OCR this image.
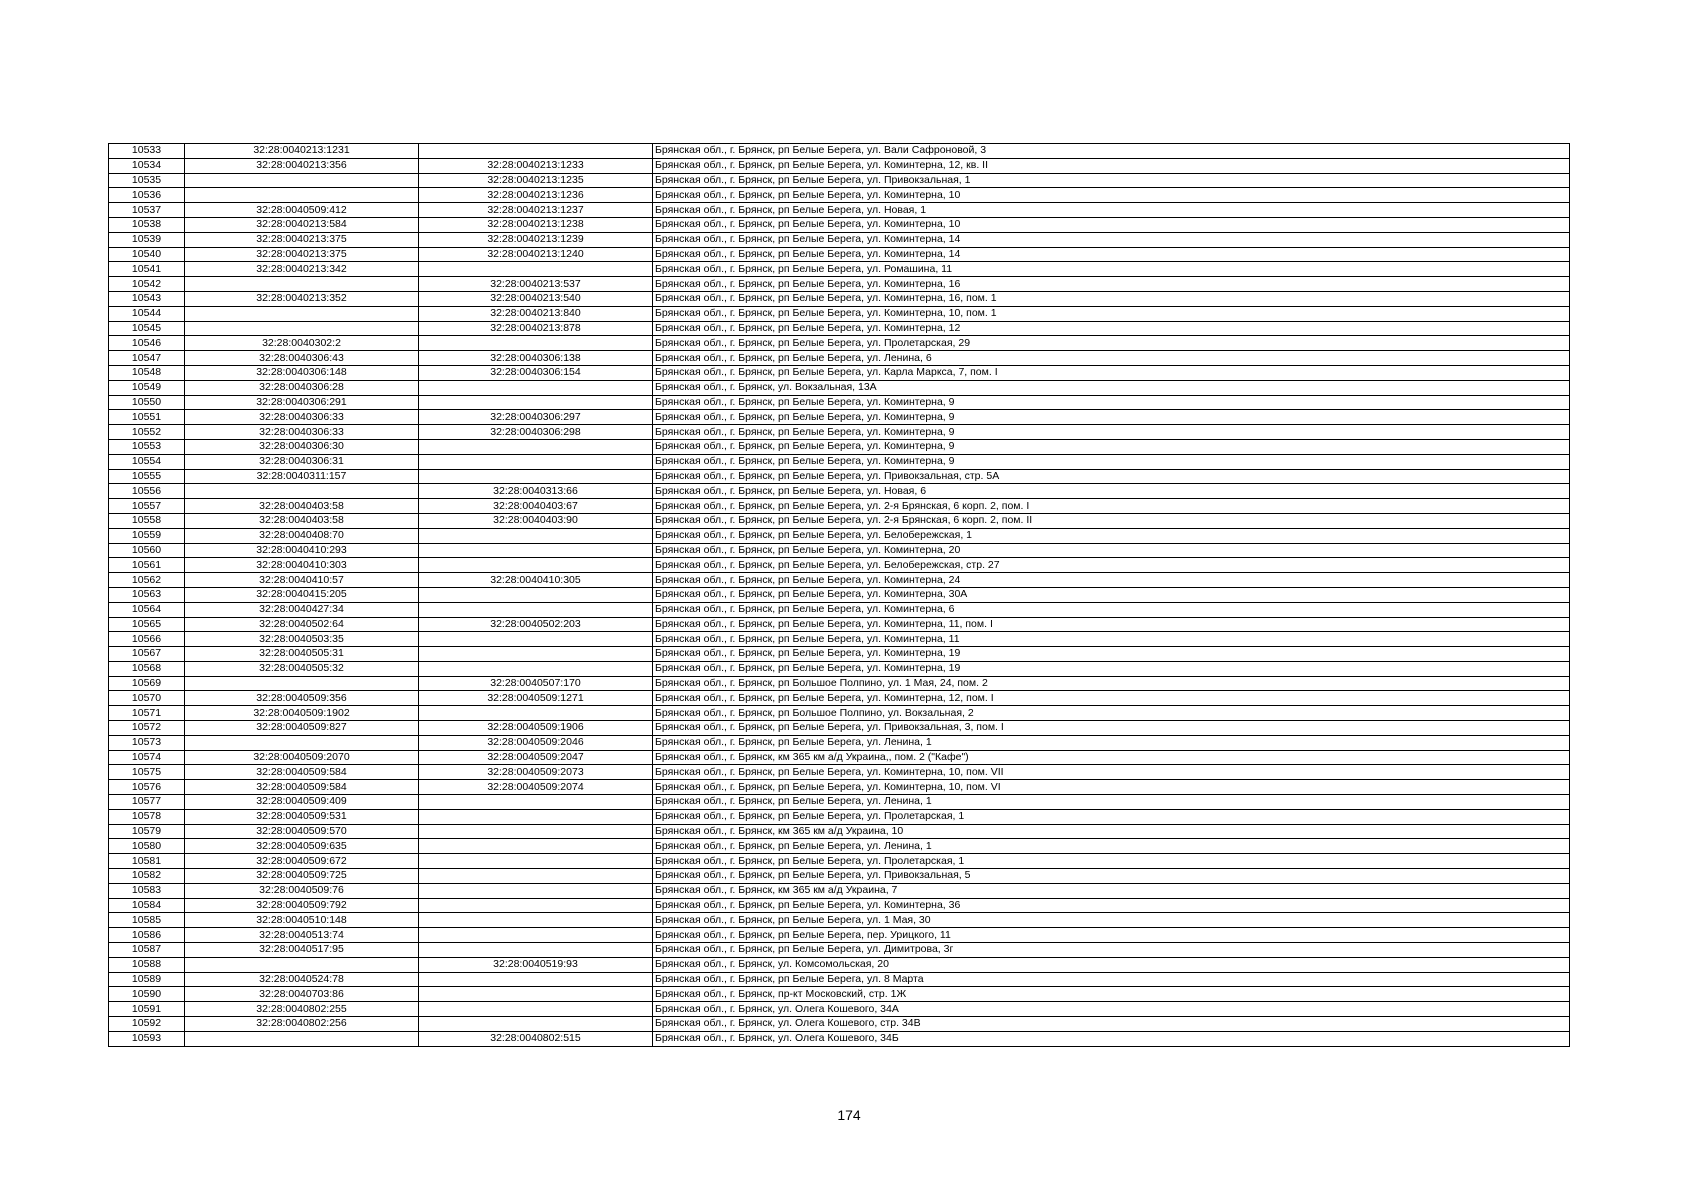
10533	32:28:0040213:1231		Брянская обл., г. Брянск, рп Белые Берега, ул. Вали Сафроновой, 3
10534	32:28:0040213:356	32:28:0040213:1233	Брянская обл., г. Брянск, рп Белые Берега, ул. Коминтерна, 12, кв. II
10535		32:28:0040213:1235	Брянская обл., г. Брянск, рп Белые Берега, ул. Привокзальная, 1
10536		32:28:0040213:1236	Брянская обл., г. Брянск, рп Белые Берега, ул. Коминтерна, 10
10537	32:28:0040509:412	32:28:0040213:1237	Брянская обл., г. Брянск, рп Белые Берега, ул. Новая, 1
10538	32:28:0040213:584	32:28:0040213:1238	Брянская обл., г. Брянск, рп Белые Берега, ул. Коминтерна, 10
10539	32:28:0040213:375	32:28:0040213:1239	Брянская обл., г. Брянск, рп Белые Берега, ул. Коминтерна, 14
10540	32:28:0040213:375	32:28:0040213:1240	Брянская обл., г. Брянск, рп Белые Берега, ул. Коминтерна, 14
10541	32:28:0040213:342		Брянская обл., г. Брянск, рп Белые Берега, ул. Ромашина, 11
10542		32:28:0040213:537	Брянская обл., г. Брянск, рп Белые Берега, ул. Коминтерна, 16
10543	32:28:0040213:352	32:28:0040213:540	Брянская обл., г. Брянск, рп Белые Берега, ул. Коминтерна, 16, пом. 1
10544		32:28:0040213:840	Брянская обл., г. Брянск, рп Белые Берега, ул. Коминтерна, 10, пом. 1
10545		32:28:0040213:878	Брянская обл., г. Брянск, рп Белые Берега, ул. Коминтерна, 12
10546	32:28:0040302:2		Брянская обл., г. Брянск, рп Белые Берега, ул. Пролетарская, 29
10547	32:28:0040306:43	32:28:0040306:138	Брянская обл., г. Брянск, рп Белые Берега, ул. Ленина, 6
10548	32:28:0040306:148	32:28:0040306:154	Брянская обл., г. Брянск, рп Белые Берега, ул. Карла Маркса, 7, пом. I
10549	32:28:0040306:28		Брянская обл., г. Брянск, ул. Вокзальная, 13А
10550	32:28:0040306:291		Брянская обл., г. Брянск, рп Белые Берега, ул. Коминтерна, 9
10551	32:28:0040306:33	32:28:0040306:297	Брянская обл., г. Брянск, рп Белые Берега, ул. Коминтерна, 9
10552	32:28:0040306:33	32:28:0040306:298	Брянская обл., г. Брянск, рп Белые Берега, ул. Коминтерна, 9
10553	32:28:0040306:30		Брянская обл., г. Брянск, рп Белые Берега, ул. Коминтерна, 9
10554	32:28:0040306:31		Брянская обл., г. Брянск, рп Белые Берега, ул. Коминтерна, 9
10555	32:28:0040311:157		Брянская обл., г. Брянск, рп Белые Берега, ул. Привокзальная, стр. 5А
10556		32:28:0040313:66	Брянская обл., г. Брянск, рп Белые Берега, ул. Новая, 6
10557	32:28:0040403:58	32:28:0040403:67	Брянская обл., г. Брянск, рп Белые Берега, ул. 2-я Брянская, 6 корп. 2, пом. I
10558	32:28:0040403:58	32:28:0040403:90	Брянская обл., г. Брянск, рп Белые Берега, ул. 2-я Брянская, 6 корп. 2, пом. II
10559	32:28:0040408:70		Брянская обл., г. Брянск, рп Белые Берега, ул. Белобережская, 1
10560	32:28:0040410:293		Брянская обл., г. Брянск, рп Белые Берега, ул. Коминтерна, 20
10561	32:28:0040410:303		Брянская обл., г. Брянск, рп Белые Берега, ул. Белобережская, стр. 27
10562	32:28:0040410:57	32:28:0040410:305	Брянская обл., г. Брянск, рп Белые Берега, ул. Коминтерна, 24
10563	32:28:0040415:205		Брянская обл., г. Брянск, рп Белые Берега, ул. Коминтерна, 30А
10564	32:28:0040427:34		Брянская обл., г. Брянск, рп Белые Берега, ул. Коминтерна, 6
10565	32:28:0040502:64	32:28:0040502:203	Брянская обл., г. Брянск, рп Белые Берега, ул. Коминтерна, 11, пом. I
10566	32:28:0040503:35		Брянская обл., г. Брянск, рп Белые Берега, ул. Коминтерна, 11
10567	32:28:0040505:31		Брянская обл., г. Брянск, рп Белые Берега, ул. Коминтерна, 19
10568	32:28:0040505:32		Брянская обл., г. Брянск, рп Белые Берега, ул. Коминтерна, 19
10569		32:28:0040507:170	Брянская обл., г. Брянск, рп Большое Полпино, ул. 1 Мая, 24, пом. 2
10570	32:28:0040509:356	32:28:0040509:1271	Брянская обл., г. Брянск, рп Белые Берега, ул. Коминтерна, 12, пом. I
10571	32:28:0040509:1902		Брянская обл., г. Брянск, рп Большое Полпино, ул. Вокзальная, 2
10572	32:28:0040509:827	32:28:0040509:1906	Брянская обл., г. Брянск, рп Белые Берега, ул. Привокзальная, 3, пом. I
10573		32:28:0040509:2046	Брянская обл., г. Брянск, рп Белые Берега, ул. Ленина, 1
10574	32:28:0040509:2070	32:28:0040509:2047	Брянская обл., г. Брянск, км 365 км а/д Украина,, пом. 2 ("Кафе")
10575	32:28:0040509:584	32:28:0040509:2073	Брянская обл., г. Брянск, рп Белые Берега, ул. Коминтерна, 10, пом. VII
10576	32:28:0040509:584	32:28:0040509:2074	Брянская обл., г. Брянск, рп Белые Берега, ул. Коминтерна, 10, пом. VI
10577	32:28:0040509:409		Брянская обл., г. Брянск, рп Белые Берега, ул. Ленина, 1
10578	32:28:0040509:531		Брянская обл., г. Брянск, рп Белые Берега, ул. Пролетарская, 1
10579	32:28:0040509:570		Брянская обл., г. Брянск, км 365 км а/д Украина, 10
10580	32:28:0040509:635		Брянская обл., г. Брянск, рп Белые Берега, ул. Ленина, 1
10581	32:28:0040509:672		Брянская обл., г. Брянск, рп Белые Берега, ул. Пролетарская, 1
10582	32:28:0040509:725		Брянская обл., г. Брянск, рп Белые Берега, ул. Привокзальная, 5
10583	32:28:0040509:76		Брянская обл., г. Брянск, км 365 км а/д Украина, 7
10584	32:28:0040509:792		Брянская обл., г. Брянск, рп Белые Берега, ул. Коминтерна, 36
10585	32:28:0040510:148		Брянская обл., г. Брянск, рп Белые Берега, ул. 1 Мая, 30
10586	32:28:0040513:74		Брянская обл., г. Брянск, рп Белые Берега, пер. Урицкого, 11
10587	32:28:0040517:95		Брянская обл., г. Брянск, рп Белые Берега, ул. Димитрова, 3г
10588		32:28:0040519:93	Брянская обл., г. Брянск, ул. Комсомольская, 20
10589	32:28:0040524:78		Брянская обл., г. Брянск, рп Белые Берега, ул. 8 Марта
10590	32:28:0040703:86		Брянская обл., г. Брянск, пр-кт Московский, стр. 1Ж
10591	32:28:0040802:255		Брянская обл., г. Брянск, ул. Олега Кошевого, 34А
10592	32:28:0040802:256		Брянская обл., г. Брянск, ул. Олега Кошевого, стр. 34В
10593		32:28:0040802:515	Брянская обл., г. Брянск, ул. Олега Кошевого, 34Б
174
